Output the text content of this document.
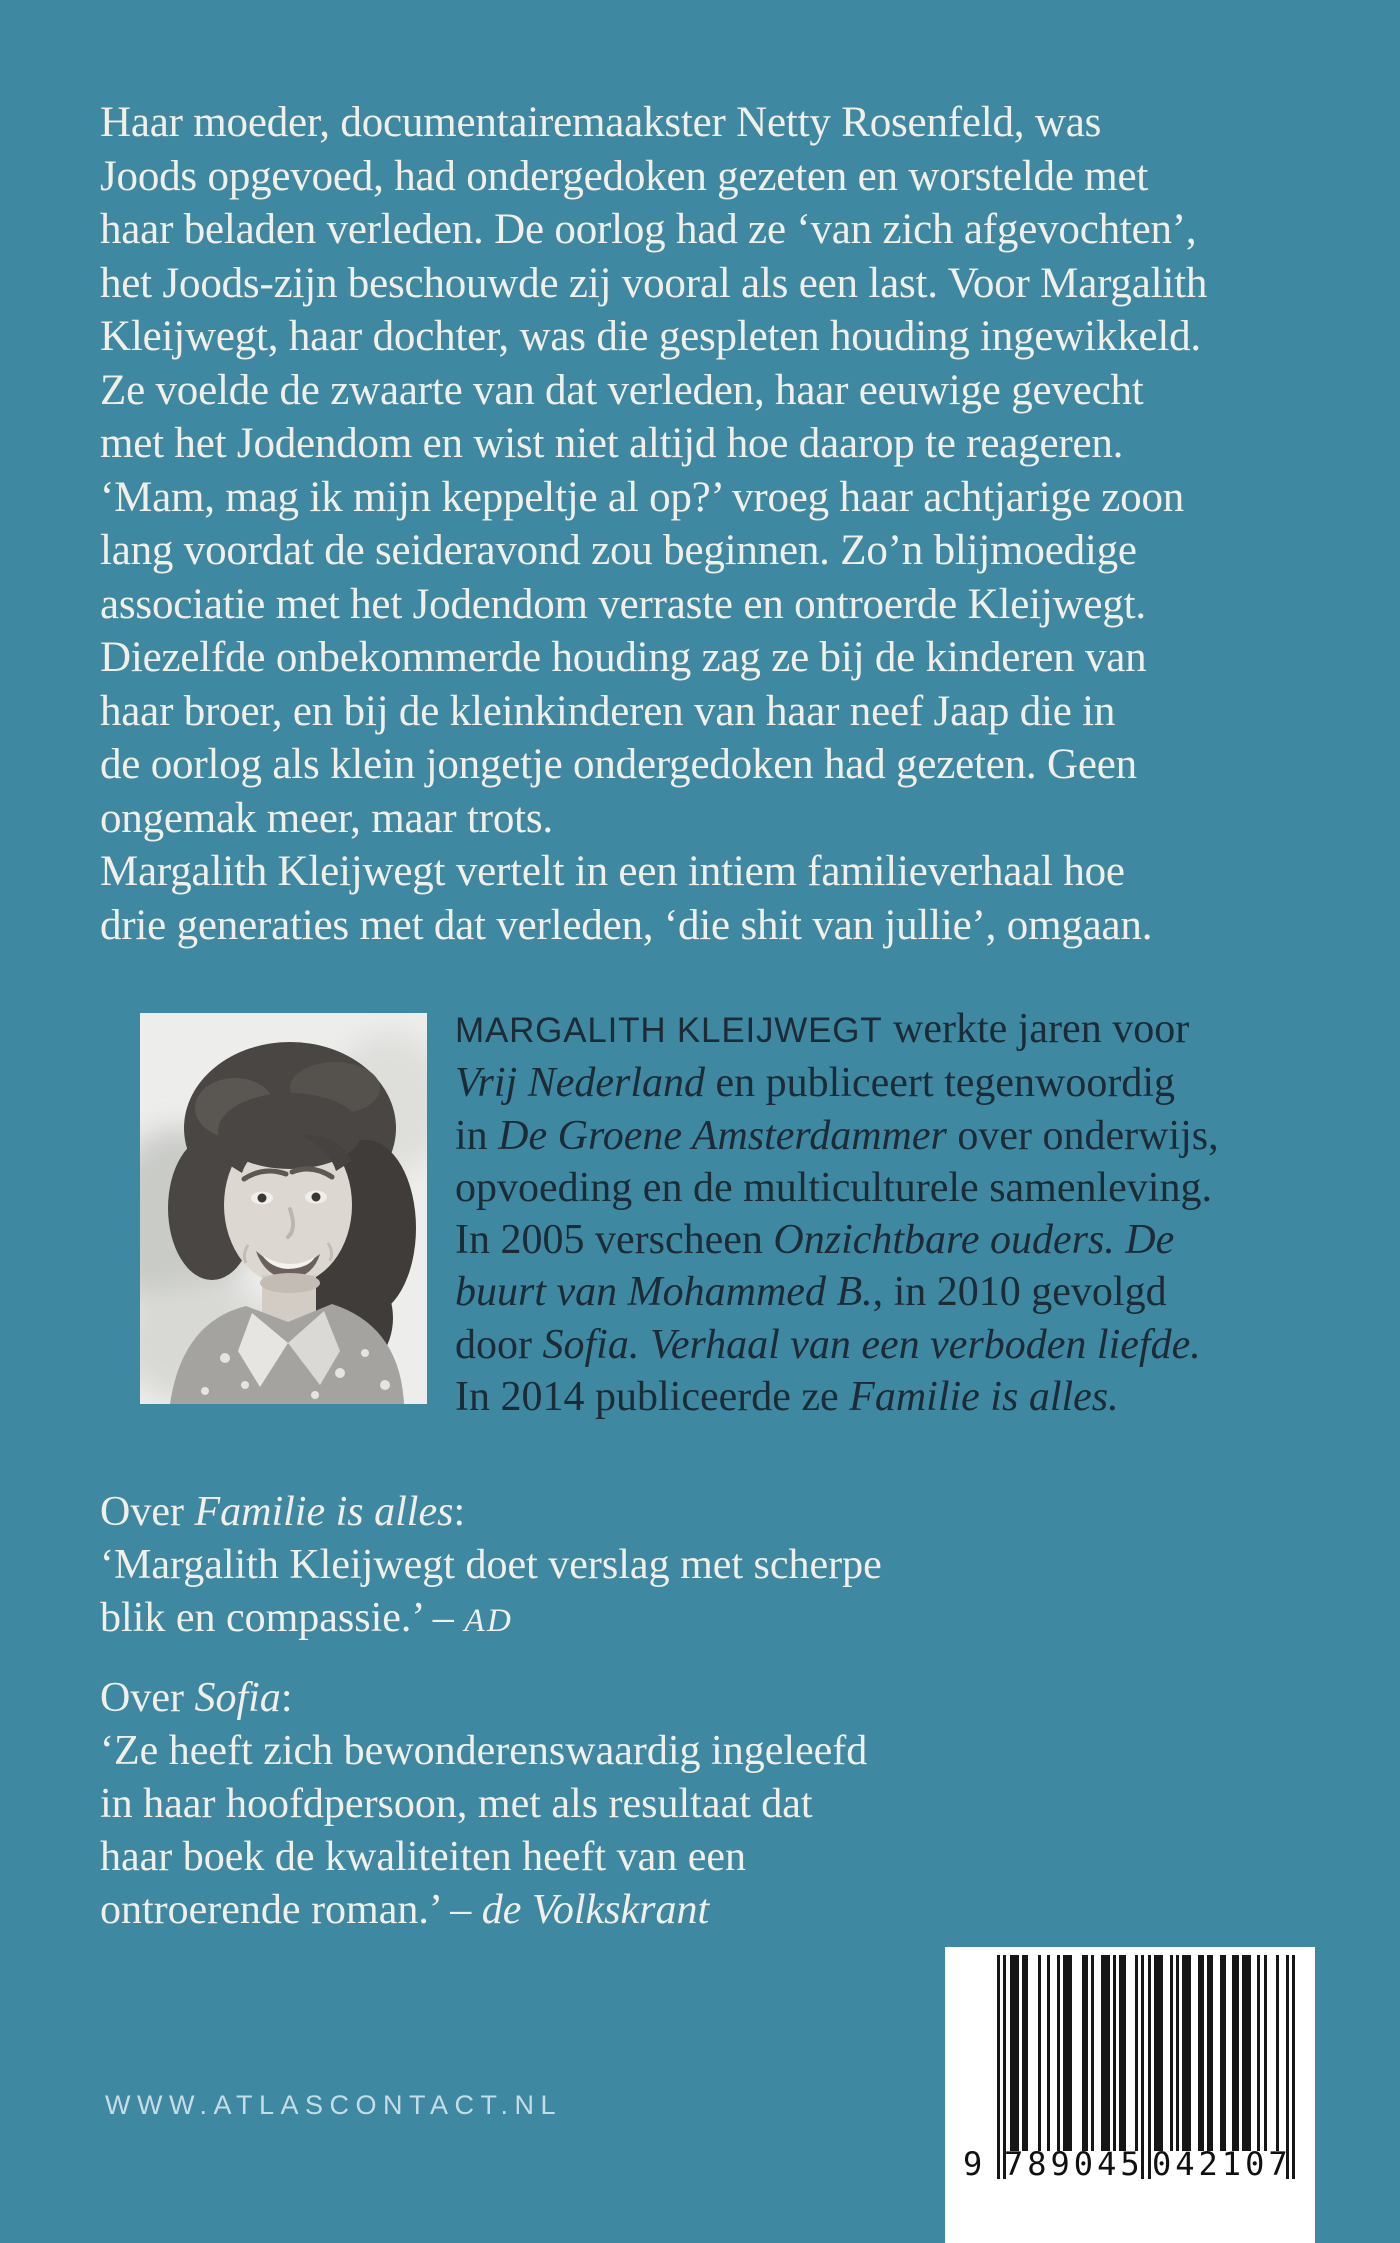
Haar moeder, documentairemaakster Netty Rosenfeld, was
Joods opgevoed, had ondergedoken gezeten en worstelde met
haar beladen verleden. De oorlog had ze ‘van zich afgevochten’,
het Joods-zijn beschouwde zij vooral als een last. Voor Margalith
Kleijwegt, haar dochter, was die gespleten houding ingewikkeld.
Ze voelde de zwaarte van dat verleden, haar eeuwige gevecht
met het Jodendom en wist niet altijd hoe daarop te reageren.
‘Mam, mag ik mijn keppeltje al op?’ vroeg haar achtjarige zoon
lang voordat de seideravond zou beginnen. Zo’n blijmoedige
associatie met het Jodendom verraste en ontroerde Kleijwegt.
Diezelfde onbekommerde houding zag ze bij de kinderen van
haar broer, en bij de kleinkinderen van haar neef Jaap die in
de oorlog als klein jongetje ondergedoken had gezeten. Geen
ongemak meer, maar trots.
Margalith Kleijwegt vertelt in een intiem familieverhaal hoe
drie generaties met dat verleden, ‘die shit van jullie’, omgaan.
MARGALITH KLEIJWEGT werkte jaren voor
Vrij Nederland en publiceert tegenwoordig
in De Groene Amsterdammer over onderwijs,
opvoeding en de multiculturele samenleving.
In 2005 verscheen Onzichtbare ouders. De
buurt van Mohammed B., in 2010 gevolgd
door Sofia. Verhaal van een verboden liefde.
In 2014 publiceerde ze Familie is alles.
Over Familie is alles:
‘Margalith Kleijwegt doet verslag met scherpe
blik en compassie.’ – AD
Over Sofia:
‘Ze heeft zich bewonderenswaardig ingeleefd
in haar hoofdpersoon, met als resultaat dat
haar boek de kwaliteiten heeft van een
ontroerende roman.’ – de Volkskrant
WWW.ATLASCONTACT.NL
9 789045 042107
